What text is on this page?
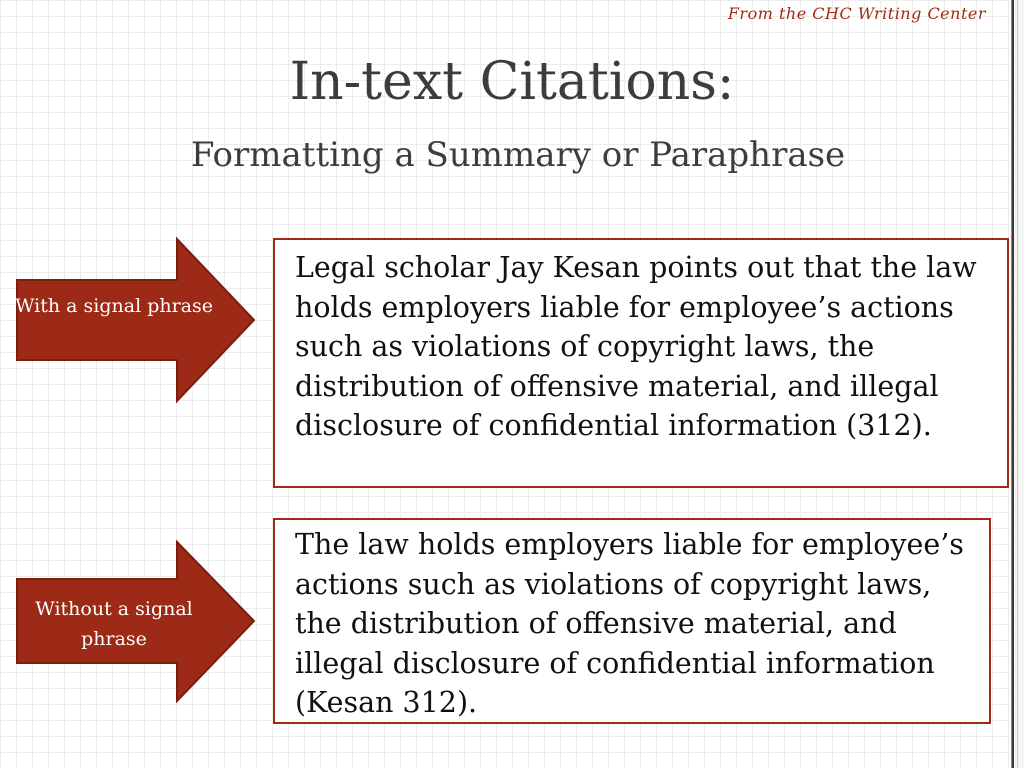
From the CHC Writing Center
In-text Citations:
Formatting a Summary or Paraphrase
With a signal phrase
Legal scholar Jay Kesan points out that the law holds employers liable for employee’s actions such as violations of copyright laws, the distribution of offensive material, and illegal disclosure of confidential information (312).
Without a signal phrase
The law holds employers liable for employee’s actions such as violations of copyright laws, the distribution of offensive material, and illegal disclosure of confidential information (Kesan 312).
